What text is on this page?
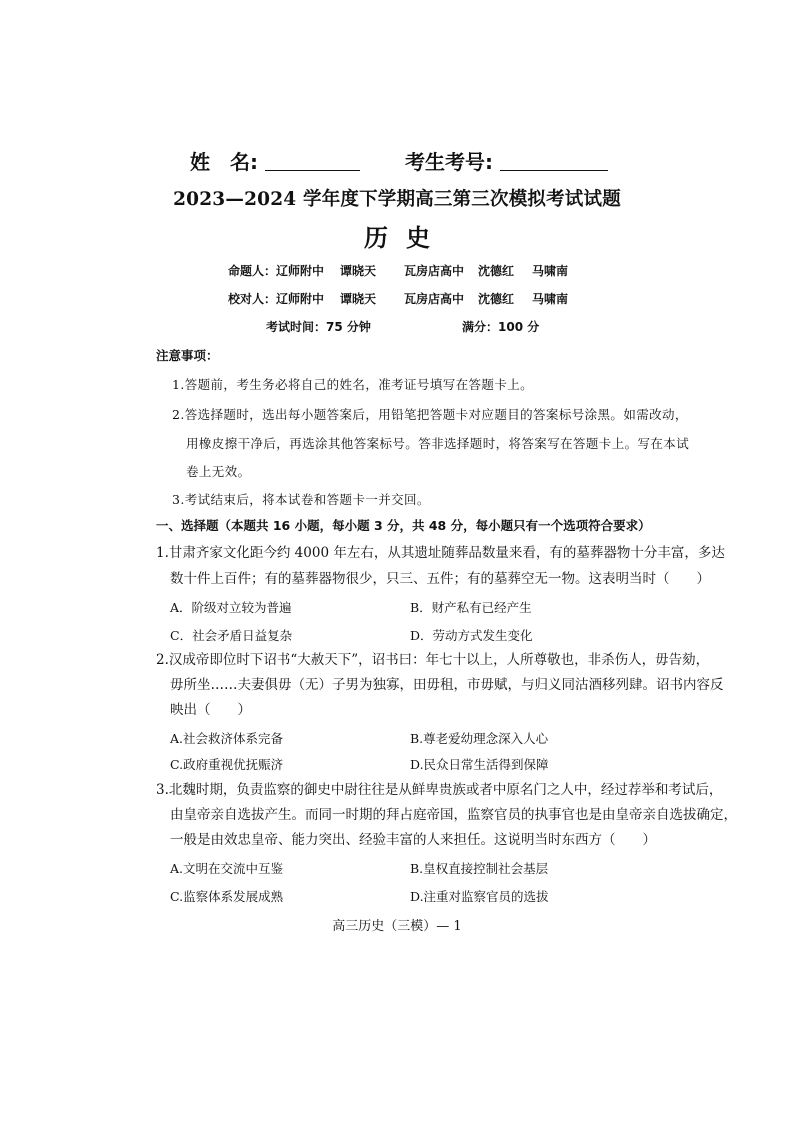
姓　名:	考生考号:
2023—2024 学年度下学期高三第三次模拟考试试题
历史
命题人：辽师附中 谭晓天 瓦房店高中 沈德红 马啸南
校对人：辽师附中 谭晓天 瓦房店高中 沈德红 马啸南
考试时间：75 分钟	满分：100 分
注意事项：
1.答题前，考生务必将自己的姓名，准考证号填写在答题卡上。
2.答选择题时，选出每小题答案后，用铅笔把答题卡对应题目的答案标号涂黑。如需改动，
用橡皮擦干净后，再选涂其他答案标号。答非选择题时，将答案写在答题卡上。写在本试
卷上无效。
3.考试结束后，将本试卷和答题卡一并交回。
一、选择题（本题共 16 小题，每小题 3 分，共 48 分，每小题只有一个选项符合要求）
1.甘肃齐家文化距今约 4000 年左右，从其遗址随葬品数量来看，有的墓葬器物十分丰富，多达
数十件上百件；有的墓葬器物很少，只三、五件；有的墓葬空无一物。这表明当时（　　）
A．阶级对立较为普遍	B．财产私有已经产生
C．社会矛盾日益复杂	D．劳动方式发生变化
2.汉成帝即位时下诏书“大赦天下”，诏书曰：年七十以上，人所尊敬也，非杀伤人，毋告劾，
毋所坐……夫妻俱毋（无）子男为独寡，田毋租，市毋赋，与归义同沽酒移列肆。诏书内容反
映出（　　）
A.社会救济体系完备	B.尊老爱幼理念深入人心
C.政府重视优抚赈济	D.民众日常生活得到保障
3.北魏时期，负责监察的御史中尉往往是从鲜卑贵族或者中原名门之人中，经过荐举和考试后，
由皇帝亲自选拔产生。而同一时期的拜占庭帝国，监察官员的执事官也是由皇帝亲自选拔确定，
一般是由效忠皇帝、能力突出、经验丰富的人来担任。这说明当时东西方（　　）
A.文明在交流中互鉴	B.皇权直接控制社会基层
C.监察体系发展成熟	D.注重对监察官员的选拔
高三历史（三模）— 1
